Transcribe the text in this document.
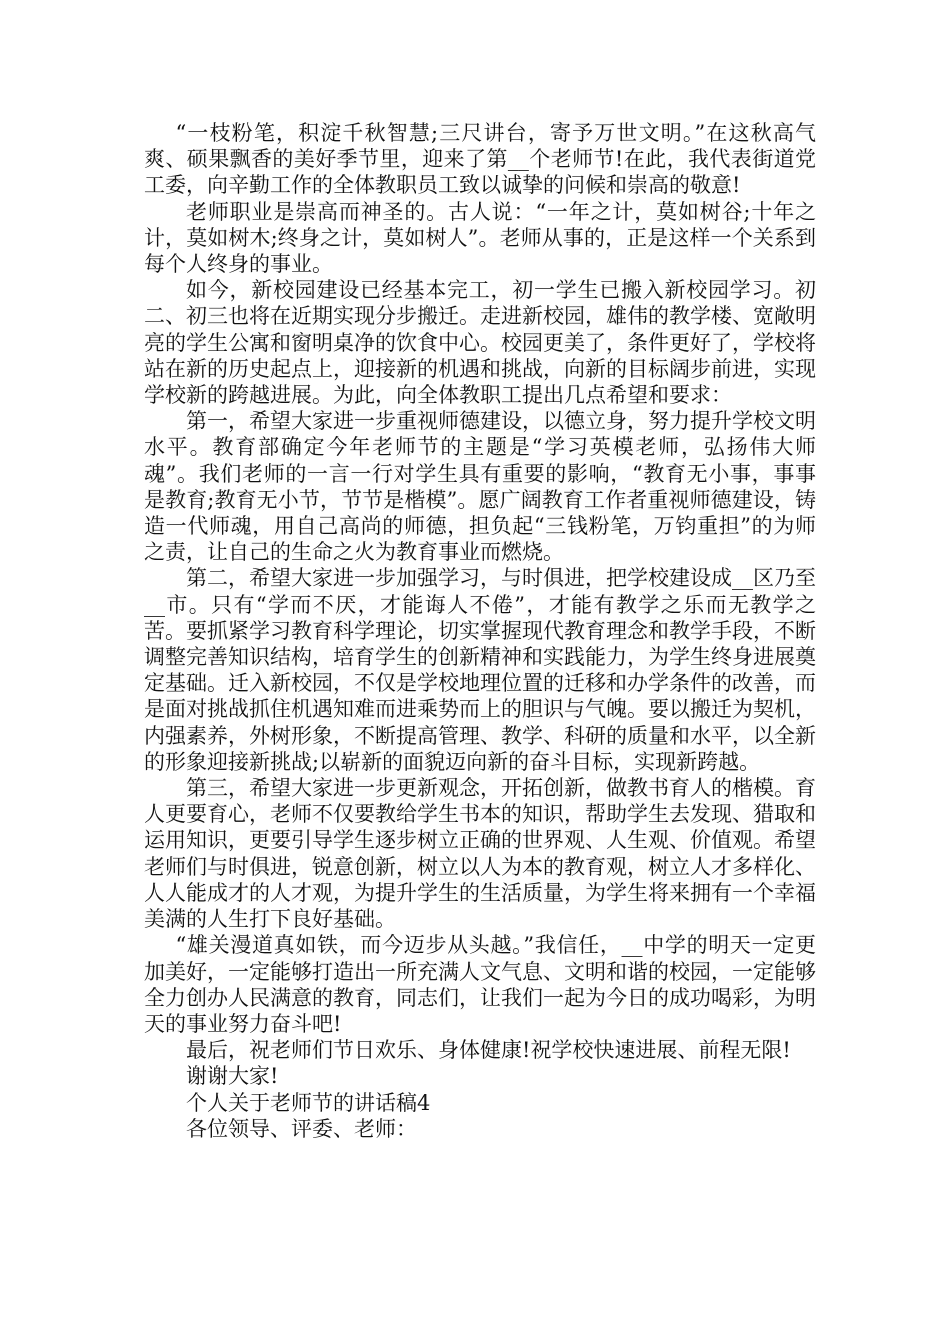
“一枝粉笔，积淀千秋智慧;三尺讲台，寄予万世文明。”在这秋高气爽、硕果飘香的美好季节里，迎来了第__个老师节!在此，我代表街道党工委，向辛勤工作的全体教职员工致以诚挚的问候和崇高的敬意!

老师职业是崇高而神圣的。古人说：“一年之计，莫如树谷;十年之计，莫如树木;终身之计，莫如树人”。老师从事的，正是这样一个关系到每个人终身的事业。

如今，新校园建设已经基本完工，初一学生已搬入新校园学习。初二、初三也将在近期实现分步搬迁。走进新校园，雄伟的教学楼、宽敞明亮的学生公寓和窗明桌净的饮食中心。校园更美了，条件更好了，学校将站在新的历史起点上，迎接新的机遇和挑战，向新的目标阔步前进，实现学校新的跨越进展。为此，向全体教职工提出几点希望和要求：

第一，希望大家进一步重视师德建设，以德立身，努力提升学校文明水平。教育部确定今年老师节的主题是“学习英模老师，弘扬伟大师魂”。我们老师的一言一行对学生具有重要的影响，“教育无小事，事事是教育;教育无小节，节节是楷模”。愿广阔教育工作者重视师德建设，铸造一代师魂，用自己高尚的师德，担负起“三钱粉笔，万钧重担”的为师之责，让自己的生命之火为教育事业而燃烧。

第二，希望大家进一步加强学习，与时俱进，把学校建设成__区乃至__市。只有“学而不厌，才能诲人不倦”，才能有教学之乐而无教学之苦。要抓紧学习教育科学理论，切实掌握现代教育理念和教学手段，不断调整完善知识结构，培育学生的创新精神和实践能力，为学生终身进展奠定基础。迁入新校园，不仅是学校地理位置的迁移和办学条件的改善，而是面对挑战抓住机遇知难而进乘势而上的胆识与气魄。要以搬迁为契机，内强素养，外树形象，不断提高管理、教学、科研的质量和水平，以全新的形象迎接新挑战;以崭新的面貌迈向新的奋斗目标，实现新跨越。

第三，希望大家进一步更新观念，开拓创新，做教书育人的楷模。育人更要育心，老师不仅要教给学生书本的知识，帮助学生去发现、猎取和运用知识，更要引导学生逐步树立正确的世界观、人生观、价值观。希望老师们与时俱进，锐意创新，树立以人为本的教育观，树立人才多样化、人人能成才的人才观，为提升学生的生活质量，为学生将来拥有一个幸福美满的人生打下良好基础。

“雄关漫道真如铁，而今迈步从头越。”我信任，__中学的明天一定更加美好，一定能够打造出一所充满人文气息、文明和谐的校园，一定能够全力创办人民满意的教育，同志们，让我们一起为今日的成功喝彩，为明天的事业努力奋斗吧!

最后，祝老师们节日欢乐、身体健康!祝学校快速进展、前程无限!

谢谢大家!

个人关于老师节的讲话稿4

各位领导、评委、老师：
